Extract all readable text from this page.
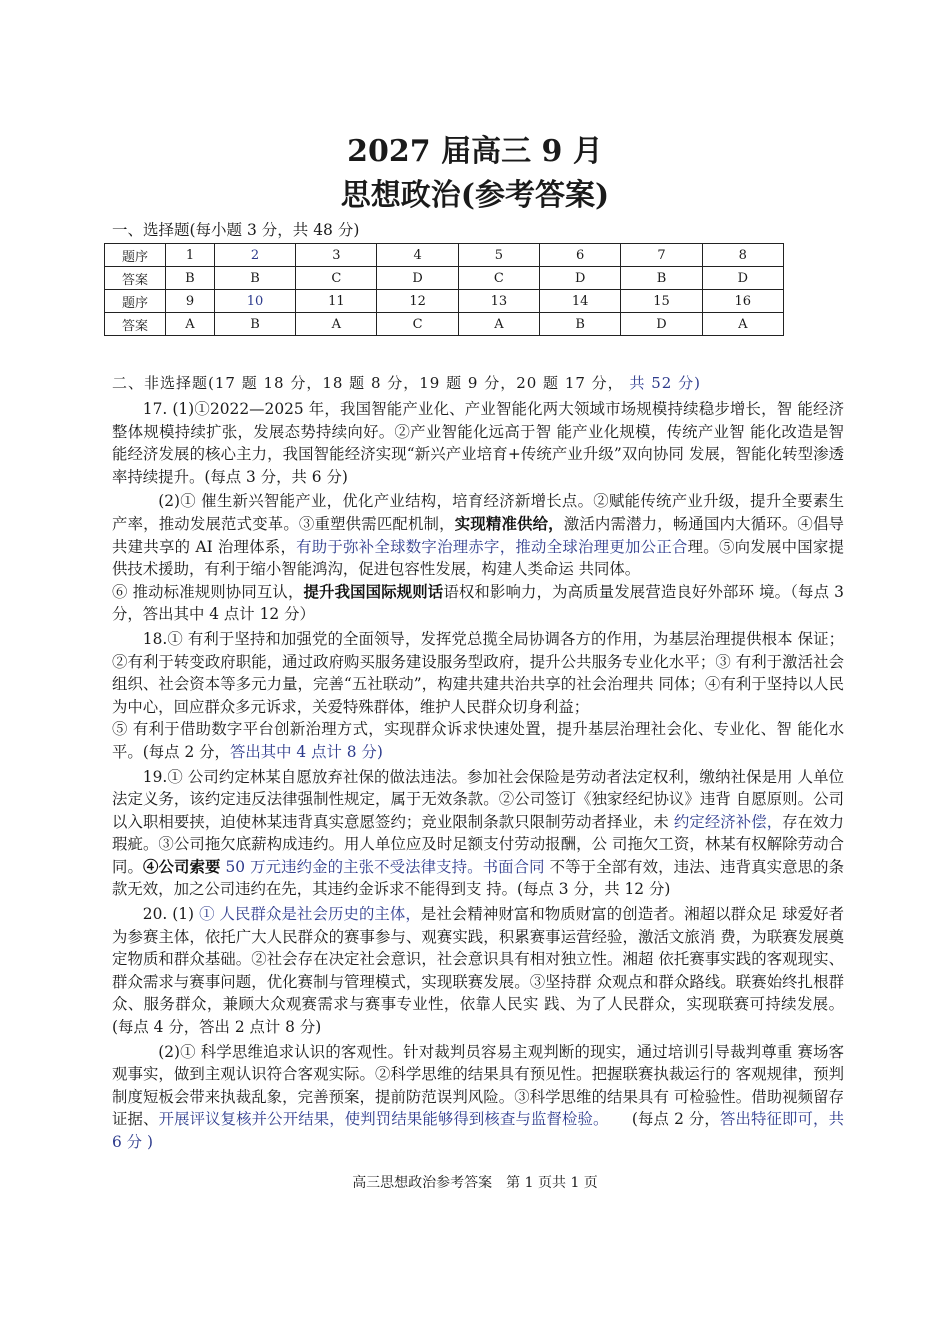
2027 届高三 9 月
思想政治(参考答案)
一、选择题(每小题 3 分，共 48 分)
题序	1	2	3	4	5	6	7	8
答案	B	B	C	D	C	D	B	D
题序	9	10	11	12	13	14	15	16
答案	A	B	A	C	A	B	D	A
二、非选择题(17 题 18 分，18 题 8 分，19 题 9 分，20 题 17 分， 共 52 分)

17. (1)①2022—2025 年，我国智能产业化、产业智能化两大领域市场规模持续稳步增长，智 能经济整体规模持续扩张，发展态势持续向好。②产业智能化远高于智 能产业化规模，传统产业智 能化改造是智能经济发展的核心主力，我国智能经济实现“新兴产业培育+传统产业升级”双向协同 发展，智能化转型渗透率持续提升。(每点 3 分，共 6 分)

(2)① 催生新兴智能产业，优化产业结构，培育经济新增长点。②赋能传统产业升级，提升全要素生产率，推动发展范式变革。③重塑供需匹配机制，实现精准供给，激活内需潜力，畅通国内大循环。④倡导共建共享的 AI 治理体系，有助于弥补全球数字治理赤字，推动全球治理更加公正合理。⑤向发展中国家提供技术援助，有利于缩小智能鸿沟，促进包容性发展，构建人类命运 共同体。

⑥ 推动标准规则协同互认，提升我国国际规则话语权和影响力，为高质量发展营造良好外部环 境。（每点 3 分，答出其中 4 点计 12 分）

18.① 有利于坚持和加强党的全面领导，发挥党总揽全局协调各方的作用，为基层治理提供根本 保证；②有利于转变政府职能，通过政府购买服务建设服务型政府，提升公共服务专业化水平；③ 有利于激活社会组织、社会资本等多元力量，完善“五社联动”，构建共建共治共享的社会治理共 同体；④有利于坚持以人民为中心，回应群众多元诉求，关爱特殊群体，维护人民群众切身利益；

⑤ 有利于借助数字平台创新治理方式，实现群众诉求快速处置，提升基层治理社会化、专业化、智 能化水平。(每点 2 分，答出其中 4 点计 8 分)

19.① 公司约定林某自愿放弃社保的做法违法。参加社会保险是劳动者法定权利，缴纳社保是用 人单位法定义务，该约定违反法律强制性规定，属于无效条款。②公司签订《独家经纪协议》违背 自愿原则。公司以入职相要挟，迫使林某违背真实意愿签约；竞业限制条款只限制劳动者择业，未 约定经济补偿，存在效力瑕疵。③公司拖欠底薪构成违约。用人单位应及时足额支付劳动报酬，公 司拖欠工资，林某有权解除劳动合同。④公司索要 50 万元违约金的主张不受法律支持。书面合同 不等于全部有效，违法、违背真实意思的条款无效，加之公司违约在先，其违约金诉求不能得到支 持。(每点 3 分，共 12 分)

20. (1) ① 人民群众是社会历史的主体，是社会精神财富和物质财富的创造者。湘超以群众足 球爱好者为参赛主体，依托广大人民群众的赛事参与、观赛实践，积累赛事运营经验，激活文旅消 费，为联赛发展奠定物质和群众基础。②社会存在决定社会意识，社会意识具有相对独立性。湘超 依托赛事实践的客观现实、群众需求与赛事问题，优化赛制与管理模式，实现联赛发展。③坚持群 众观点和群众路线。联赛始终扎根群众、服务群众，兼顾大众观赛需求与赛事专业性，依靠人民实 践、为了人民群众，实现联赛可持续发展。(每点 4 分，答出 2 点计 8 分)

(2)① 科学思维追求认识的客观性。针对裁判员容易主观判断的现实，通过培训引导裁判尊重 赛场客观事实，做到主观认识符合客观实际。②科学思维的结果具有预见性。把握联赛执裁运行的 客观规律，预判制度短板会带来执裁乱象，完善预案，提前防范误判风险。③科学思维的结果具有 可检验性。借助视频留存证据、开展评议复核并公开结果，使判罚结果能够得到核查与监督检验。　　(每点 2 分，答出特征即可，共 6 分 )

高三思想政治参考答案　第 1 页共 1 页
